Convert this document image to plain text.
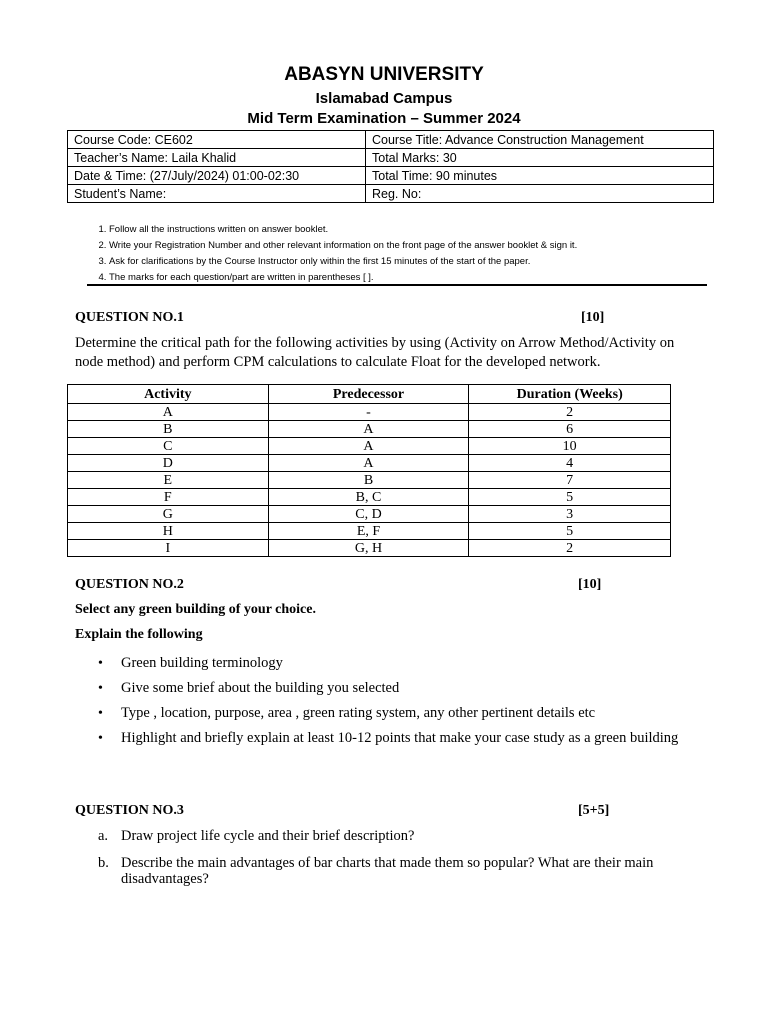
ABASYN UNIVERSITY
Islamabad Campus
Mid Term Examination – Summer 2024
Course Code: CE602	Course Title: Advance Construction Management
Teacher’s Name: Laila Khalid	Total Marks: 30
Date & Time: (27/July/2024) 01:00-02:30	Total Time: 90 minutes
Student’s Name:	Reg. No:
1. Follow all the instructions written on answer booklet.
2. Write your Registration Number and other relevant information on the front page of the answer booklet & sign it.
3. Ask for clarifications by the Course Instructor only within the first 15 minutes of the start of the paper.
4. The marks for each question/part are written in parentheses [ ].
QUESTION NO.1	[10]
Determine the critical path for the following activities by using (Activity on Arrow Method/Activity on node method) and perform CPM calculations to calculate Float for the developed network.
Activity	Predecessor	Duration (Weeks)
A	-	2
B	A	6
C	A	10
D	A	4
E	B	7
F	B, C	5
G	C, D	3
H	E, F	5
I	G, H	2
QUESTION NO.2	[10]
Select any green building of your choice.
Explain the following
• Green building terminology
• Give some brief about the building you selected
• Type , location, purpose, area , green rating system, any other pertinent details etc
• Highlight and briefly explain at least 10-12 points that make your case study as a green building
QUESTION NO.3	[5+5]
a. Draw project life cycle and their brief description?
b. Describe the main advantages of bar charts that made them so popular? What are their main disadvantages?
